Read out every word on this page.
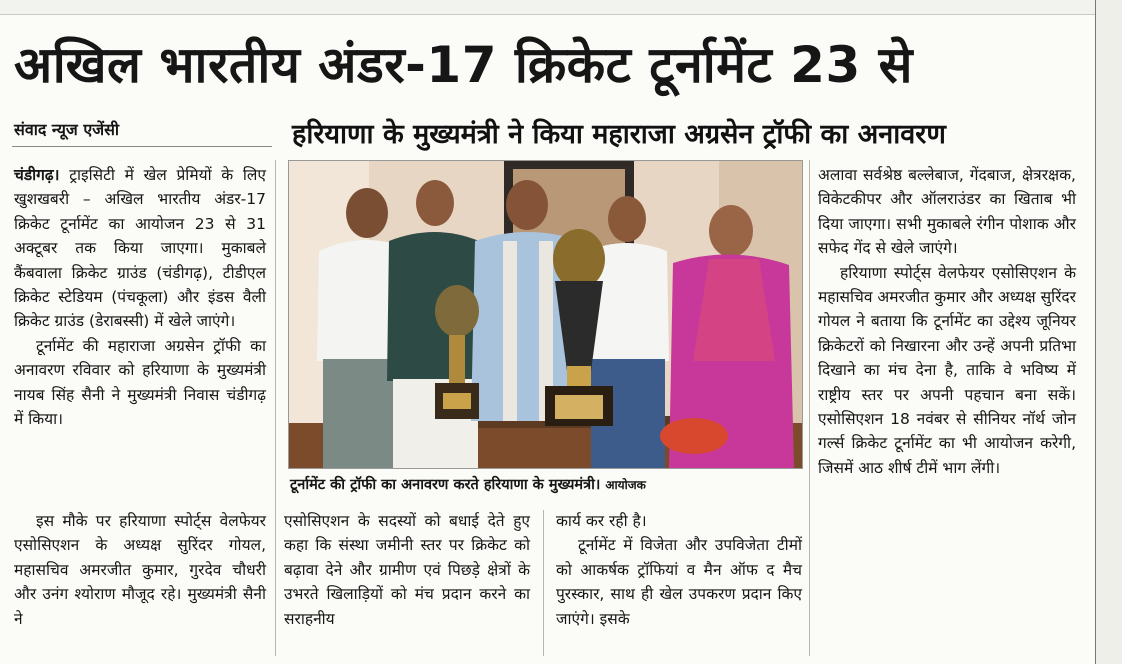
अखिल भारतीय अंडर-17 क्रिकेट टूर्नामेंट 23 से
संवाद न्यूज एजेंसी	हरियाणा के मुख्यमंत्री ने किया महाराजा अग्रसेन ट्रॉफी का अनावरण
टूर्नामेंट की ट्रॉफी का अनावरण करते हरियाणा के मुख्यमंत्री। आयोजक

चंडीगढ़। ट्राइसिटी में खेल प्रेमियों के लिए खुशखबरी – अखिल भारतीय अंडर-17 क्रिकेट टूर्नामेंट का आयोजन 23 से 31 अक्टूबर तक किया जाएगा। मुकाबले कैंबवाला क्रिकेट ग्राउंड (चंडीगढ़), टीडीएल क्रिकेट स्टेडियम (पंचकूला) और इंडस वैली क्रिकेट ग्राउंड (डेराबस्सी) में खेले जाएंगे।

टूर्नामेंट की महाराजा अग्रसेन ट्रॉफी का अनावरण रविवार को हरियाणा के मुख्यमंत्री नायब सिंह सैनी ने मुख्यमंत्री निवास चंडीगढ़ में किया।

इस मौके पर हरियाणा स्पोर्ट्स वेलफेयर एसोसिएशन के अध्यक्ष सुरिंदर गोयल, महासचिव अमरजीत कुमार, गुरदेव चौधरी और उनंग श्योराण मौजूद रहे। मुख्यमंत्री सैनी ने

एसोसिएशन के सदस्यों को बधाई देते हुए कहा कि संस्था जमीनी स्तर पर क्रिकेट को बढ़ावा देने और ग्रामीण एवं पिछड़े क्षेत्रों के उभरते खिलाड़ियों को मंच प्रदान करने का सराहनीय

कार्य कर रही है।

टूर्नामेंट में विजेता और उपविजेता टीमों को आकर्षक ट्रॉफियां व मैन ऑफ द मैच पुरस्कार, साथ ही खेल उपकरण प्रदान किए जाएंगे। इसके

अलावा सर्वश्रेष्ठ बल्लेबाज, गेंदबाज, क्षेत्ररक्षक, विकेटकीपर और ऑलराउंडर का खिताब भी दिया जाएगा। सभी मुकाबले रंगीन पोशाक और सफेद गेंद से खेले जाएंगे।

हरियाणा स्पोर्ट्स वेलफेयर एसोसिएशन के महासचिव अमरजीत कुमार और अध्यक्ष सुरिंदर गोयल ने बताया कि टूर्नामेंट का उद्देश्य जूनियर क्रिकेटरों को निखारना और उन्हें अपनी प्रतिभा दिखाने का मंच देना है, ताकि वे भविष्य में राष्ट्रीय स्तर पर अपनी पहचान बना सकें। एसोसिएशन 18 नवंबर से सीनियर नॉर्थ जोन गर्ल्स क्रिकेट टूर्नामेंट का भी आयोजन करेगी, जिसमें आठ शीर्ष टीमें भाग लेंगी।
